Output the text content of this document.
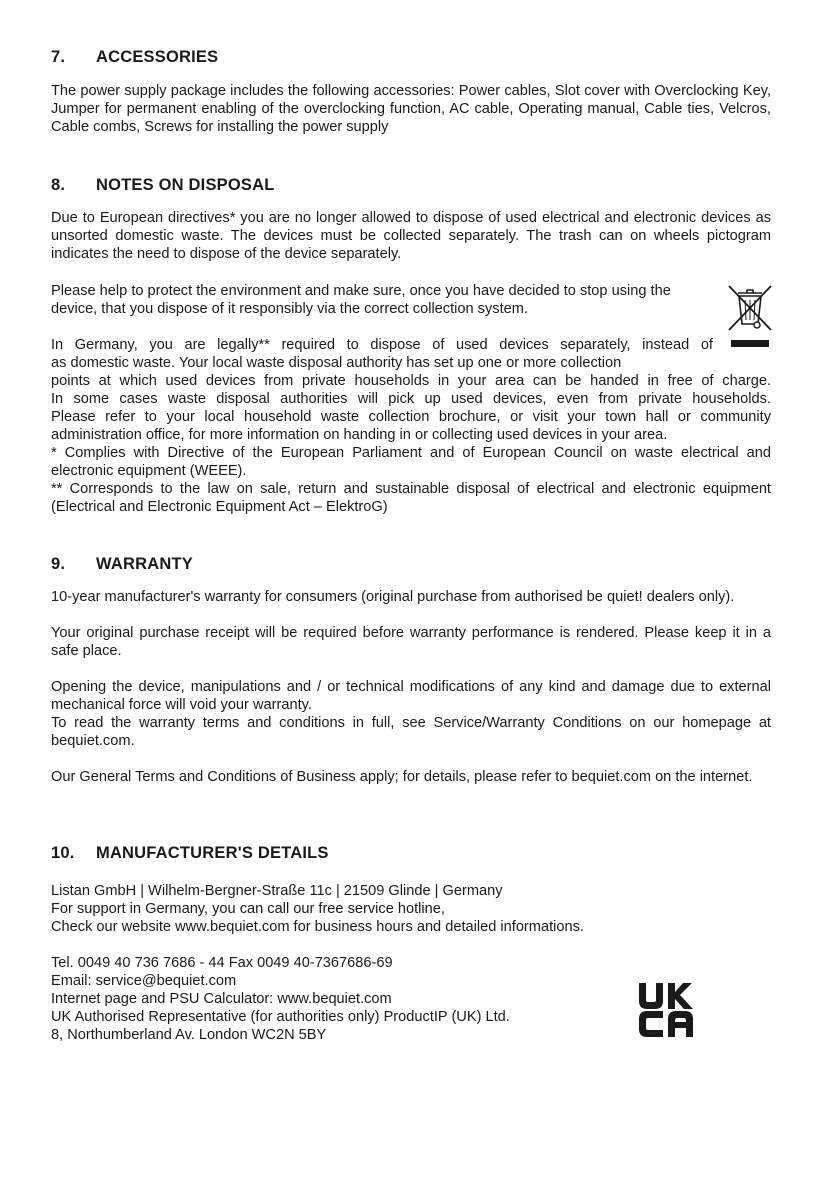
7. ACCESSORIES

The power supply package includes the following accessories: Power cables, Slot cover with Overclocking Key, Jumper for permanent enabling of the overclocking function, AC cable, Operating manual, Cable ties, Velcros, Cable combs, Screws for installing the power supply

8. NOTES ON DISPOSAL

Due to European directives* you are no longer allowed to dispose of used electrical and electronic devices as unsorted domestic waste. The devices must be collected separately. The trash can on wheels pictogram indicates the need to dispose of the device separately.

Please help to protect the environment and make sure, once you have decided to stop using the device, that you dispose of it responsibly via the correct collection system.

In Germany, you are legally** required to dispose of used devices separately, instead of
as domestic waste. Your local waste disposal authority has set up one or more collection
points at which used devices from private households in your area can be handed in free of charge.
In some cases waste disposal authorities will pick up used devices, even from private households.
Please refer to your local household waste collection brochure, or visit your town hall or community
administration office, for more information on handing in or collecting used devices in your area.

* Complies with Directive of the European Parliament and of European Council on waste electrical and electronic equipment (WEEE).

** Corresponds to the law on sale, return and sustainable disposal of electrical and electronic equipment (Electrical and Electronic Equipment Act – ElektroG)

9. WARRANTY

10-year manufacturer's warranty for consumers (original purchase from authorised be quiet! dealers only).

Your original purchase receipt will be required before warranty performance is rendered. Please keep it in a safe place.

Opening the device, manipulations and / or technical modifications of any kind and damage due to external mechanical force will void your warranty.

To read the warranty terms and conditions in full, see Service/Warranty Conditions on our homepage at bequiet.com.

Our General Terms and Conditions of Business apply; for details, please refer to bequiet.com on the internet.

10. MANUFACTURER'S DETAILS
Listan GmbH | Wilhelm-Bergner-Straße 11c | 21509 Glinde | Germany
For support in Germany, you can call our free service hotline,
Check our website www.bequiet.com for business hours and detailed informations.
Tel. 0049 40 736 7686 - 44 Fax 0049 40-7367686-69
Email: service@bequiet.com
Internet page and PSU Calculator: www.bequiet.com
UK Authorised Representative (for authorities only) ProductIP (UK) Ltd.
8, Northumberland Av. London WC2N 5BY
